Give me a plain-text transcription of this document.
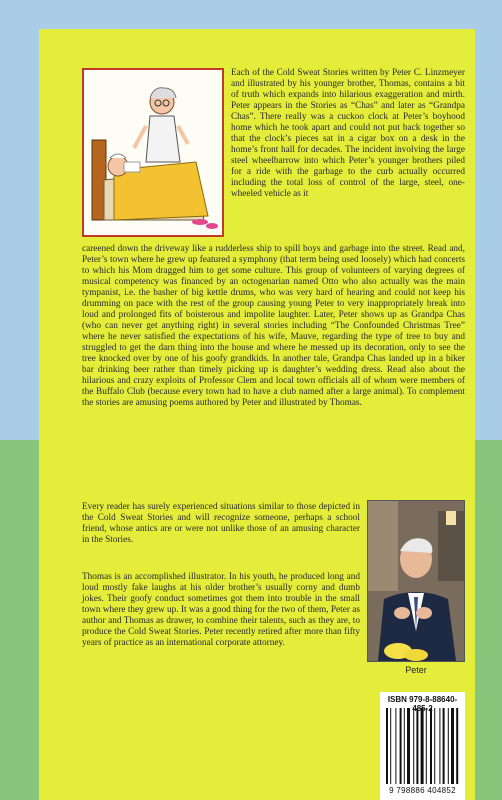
Each of the Cold Sweat Stories written by Peter C. Linzmeyer and illustrated by his younger brother, Thomas, contains a bit of truth which expands into hilarious exaggeration and mirth. Peter appears in the Stories as “Chas” and later as “Grandpa Chas”. There really was a cuckoo clock at Peter’s boyhood home which he took apart and could not put back together so that the clock’s pieces sat in a cigar box on a desk in the home’s front hall for decades. The incident involving the large steel wheelbarrow into which Peter’s younger brothers piled for a ride with the garbage to the curb actually occurred including the total loss of control of the large, steel, one-wheeled vehicle as it

careened down the driveway like a rudderless ship to spill boys and garbage into the street. Read and, Peter’s town where he grew up featured a symphony (that term being used loosely) which had concerts to which his Mom dragged him to get some culture. This group of volunteers of varying degrees of musical competency was financed by an octogenarian named Otto who also actually was the main tympanist, i.e. the basher of big kettle drums, who was very hard of hearing and could not keep his drumming on pace with the rest of the group causing young Peter to very inappropriately break into loud and prolonged fits of boisterous and impolite laughter. Later, Peter shows up as Grandpa Chas (who can never get anything right) in several stories including “The Confounded Christmas Tree” where he never satisfied the expectations of his wife, Mauve, regarding the type of tree to buy and struggled to get the darn thing into the house and where he messed up its decoration, only to see the tree knocked over by one of his goofy grandkids. In another tale, Grandpa Chas landed up in a biker bar drinking beer rather than timely picking up is daughter’s wedding dress. Read also about the hilarious and crazy exploits of Professor Clem and local town officials all of whom were members of the Buffalo Club (because every town had to have a club named after a large animal). To complement the stories are amusing poems authored by Peter and illustrated by Thomas.

Every reader has surely experienced situations similar to those depicted in the Cold Sweat Stories and will recognize someone, perhaps a school friend, whose antics are or were not unlike those of an amusing character in the Stories.

Thomas is an accomplished illustrator. In his youth, he produced long and loud mostly fake laughs at his older brother’s usually corny and dumb jokes. Their goofy conduct sometimes got them into trouble in the small town where they grew up. It was a good thing for the two of them, Peter as author and Thomas as drawer, to combine their talents, such as they are, to produce the Cold Sweat Stories. Peter recently retired after more than fifty years of practice as an international corporate attorney.

Peter
ISBN 979-8-88640-485-2
9 798886 404852
